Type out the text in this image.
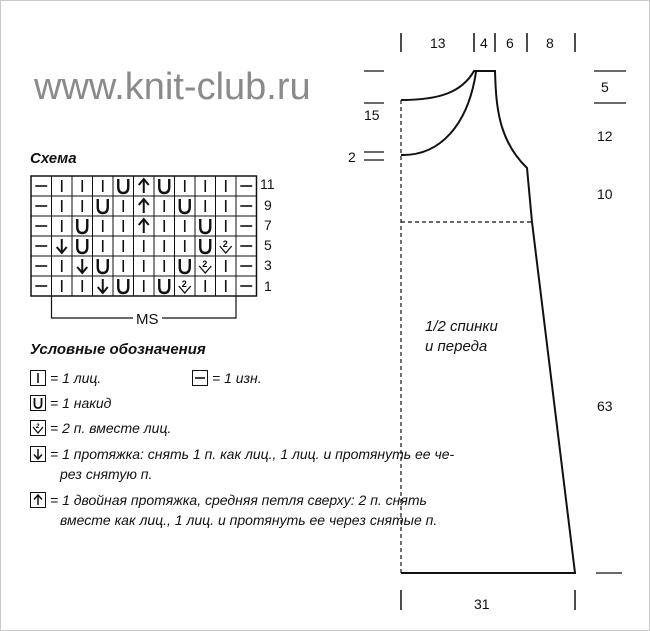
www.knit-club.ru
Схема
2
2
2
11
9
7
5
3
1
MS
Условные обозначения
= 1 лиц.	= 1 изн.
= 1 накид
2 = 2 п. вместе лиц.
= 1 протяжка: снять 1 п. как лиц., 1 лиц. и протянуть ее че-
рез снятую п.
= 1 двойная протяжка, средняя петля сверху: 2 п. снять
вместе как лиц., 1 лиц. и протянуть ее через снятые п.
13 4 6 8
5
12
10
63
15
2
31
1/2 спинки
и переда
